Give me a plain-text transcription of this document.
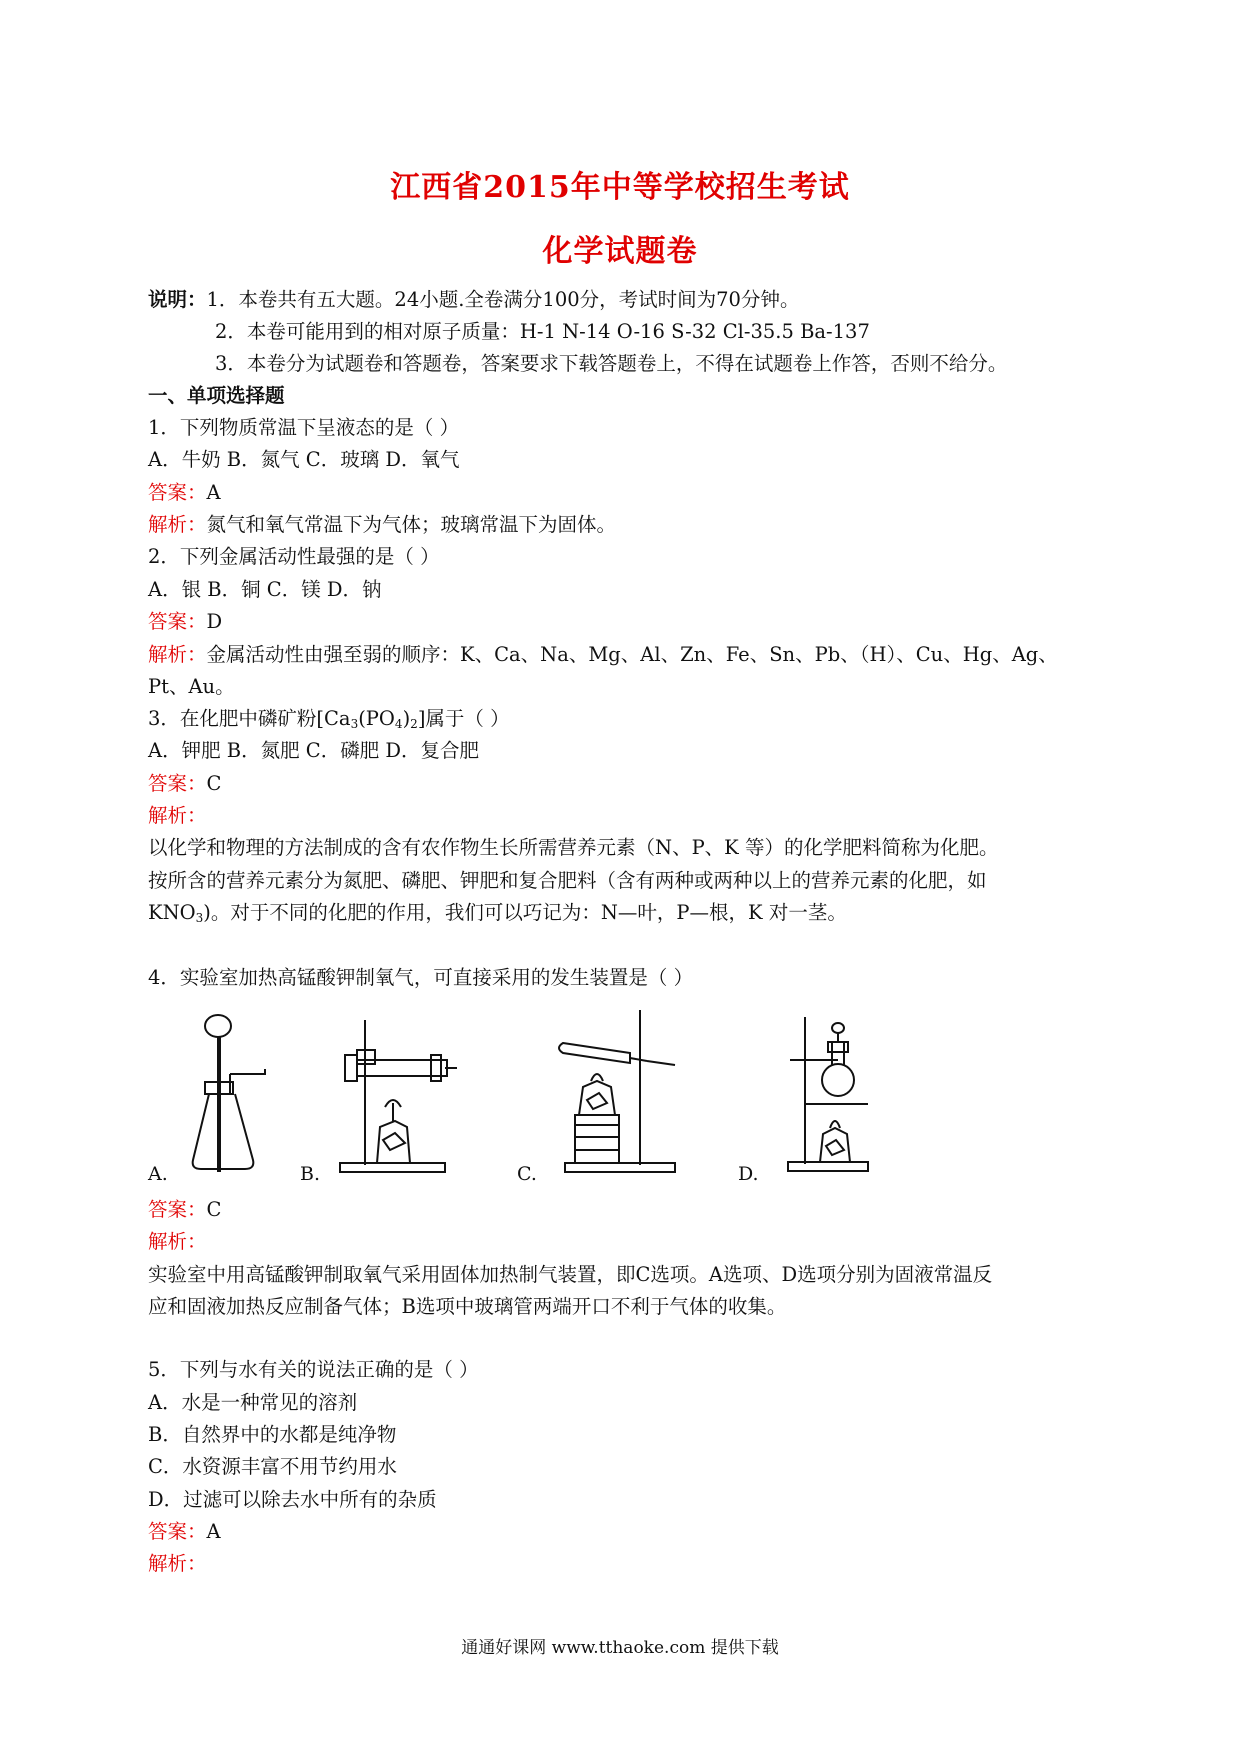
江西省2015年中等学校招生考试
化学试题卷
说明：1．本卷共有五大题。24小题.全卷满分100分，考试时间为70分钟。
2．本卷可能用到的相对原子质量：H-1 N-14 O-16 S-32 Cl-35.5 Ba-137
3．本卷分为试题卷和答题卷，答案要求下载答题卷上，不得在试题卷上作答，否则不给分。
一、单项选择题
1．下列物质常温下呈液态的是（ ）
A．牛奶 B．氮气 C．玻璃 D．氧气
答案：A
解析：氮气和氧气常温下为气体；玻璃常温下为固体。
2．下列金属活动性最强的是（ ）
A．银 B．铜 C．镁 D．钠
答案：D
解析：金属活动性由强至弱的顺序：K、Ca、Na、Mg、Al、Zn、Fe、Sn、Pb、（H）、Cu、Hg、Ag、
Pt、Au。
3．在化肥中磷矿粉$[Ca_3(PO_4)_2]$属于（ ）
A．钾肥 B．氮肥 C．磷肥 D．复合肥
答案：C
解析：
以化学和物理的方法制成的含有农作物生长所需营养元素（N、P、K 等）的化学肥料简称为化肥。
按所含的营养元素分为氮肥、磷肥、钾肥和复合肥料（含有两种或两种以上的营养元素的化肥，如
$KNO_3$)。对于不同的化肥的作用，我们可以巧记为：N—叶，P—根，K 对一茎。
4．实验室加热高锰酸钾制氧气，可直接采用的发生装置是（ ）
A.	B.	C.	D.
答案：C
解析：
实验室中用高锰酸钾制取氧气采用固体加热制气装置，即C选项。A选项、D选项分别为固液常温反
应和固液加热反应制备气体；B选项中玻璃管两端开口不利于气体的收集。
5．下列与水有关的说法正确的是（ ）
A．水是一种常见的溶剂
B．自然界中的水都是纯净物
C．水资源丰富不用节约用水
D．过滤可以除去水中所有的杂质
答案：A
解析：
通通好课网 www.tthaoke.com 提供下载
